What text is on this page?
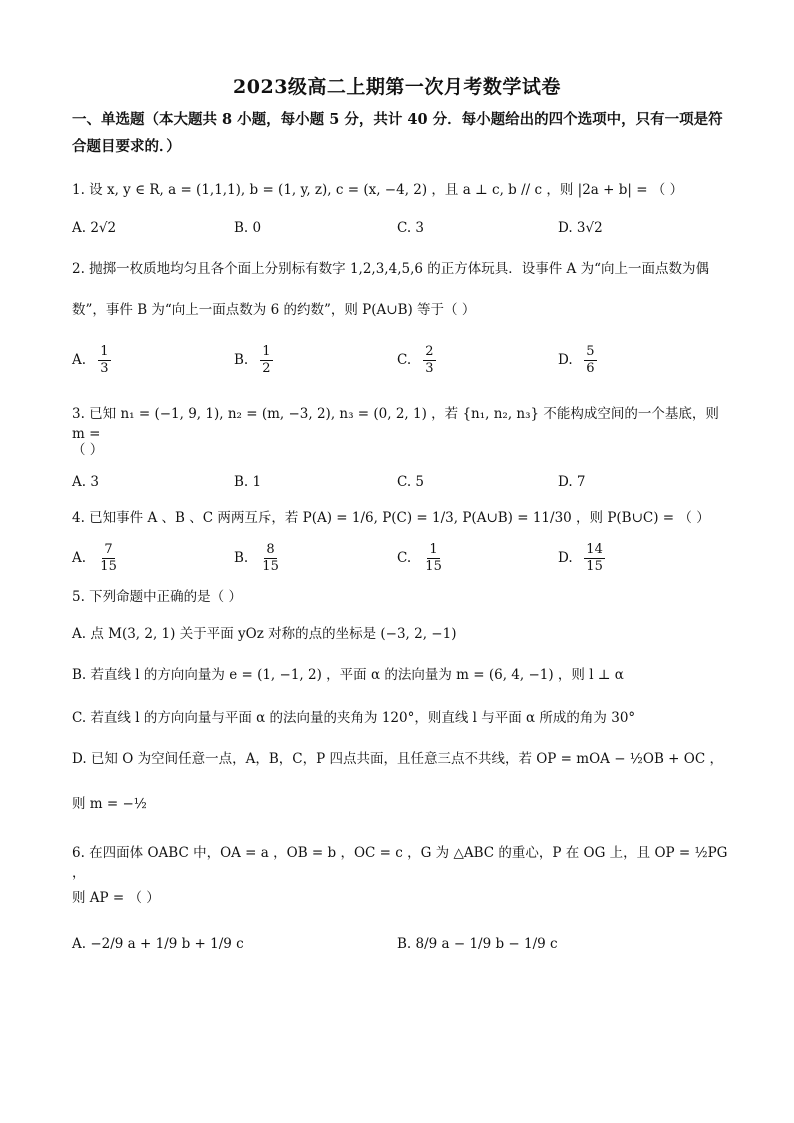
2023级高二上期第一次月考数学试卷
一、单选题（本大题共 8 小题，每小题 5 分，共计 40 分．每小题给出的四个选项中，只有一项是符合题目要求的．）
1. 设 x, y ∈ R, a = (1,1,1), b = (1, y, z), c = (x, −4, 2) ，且 a ⊥ c, b // c ，则 |2a + b| = （ ）
A. 2√2	B. 0	C. 3	D. 3√2
2. 抛掷一枚质地均匀且各个面上分别标有数字 1,2,3,4,5,6 的正方体玩具．设事件 A 为“向上一面点数为偶
数”，事件 B 为“向上一面点数为 6 的约数”，则 P(A∪B) 等于（ ）
A. $\frac{1}{3}$	B. $\frac{1}{2}$	C. $\frac{2}{3}$	D. $\frac{5}{6}$
3. 已知 n₁ = (−1, 9, 1), n₂ = (m, −3, 2), n₃ = (0, 2, 1) ，若 {n₁, n₂, n₃} 不能构成空间的一个基底，则 m =
（ ）
A. 3	B. 1	C. 5	D. 7
4. 已知事件 A 、B 、C 两两互斥，若 P(A) = 1/6, P(C) = 1/3, P(A∪B) = 11/30 ，则 P(B∪C) = （ ）
A. $\frac{7}{15}$	B. $\frac{8}{15}$	C. $\frac{1}{15}$	D. $\frac{14}{15}$
5. 下列命题中正确的是（ ）
A. 点 M(3, 2, 1) 关于平面 yOz 对称的点的坐标是 (−3, 2, −1)
B. 若直线 l 的方向向量为 e = (1, −1, 2) ，平面 α 的法向量为 m = (6, 4, −1) ，则 l ⊥ α
C. 若直线 l 的方向向量与平面 α 的法向量的夹角为 120°，则直线 l 与平面 α 所成的角为 30°
D. 已知 O 为空间任意一点，A，B，C，P 四点共面，且任意三点不共线，若 OP = mOA − ½OB + OC ，
则 m = −½
6. 在四面体 OABC 中，OA = a ，OB = b ，OC = c ，G 为 △ABC 的重心，P 在 OG 上，且 OP = ½PG ，
则 AP = （ ）
A. −2/9 a + 1/9 b + 1/9 c	B. 8/9 a − 1/9 b − 1/9 c
